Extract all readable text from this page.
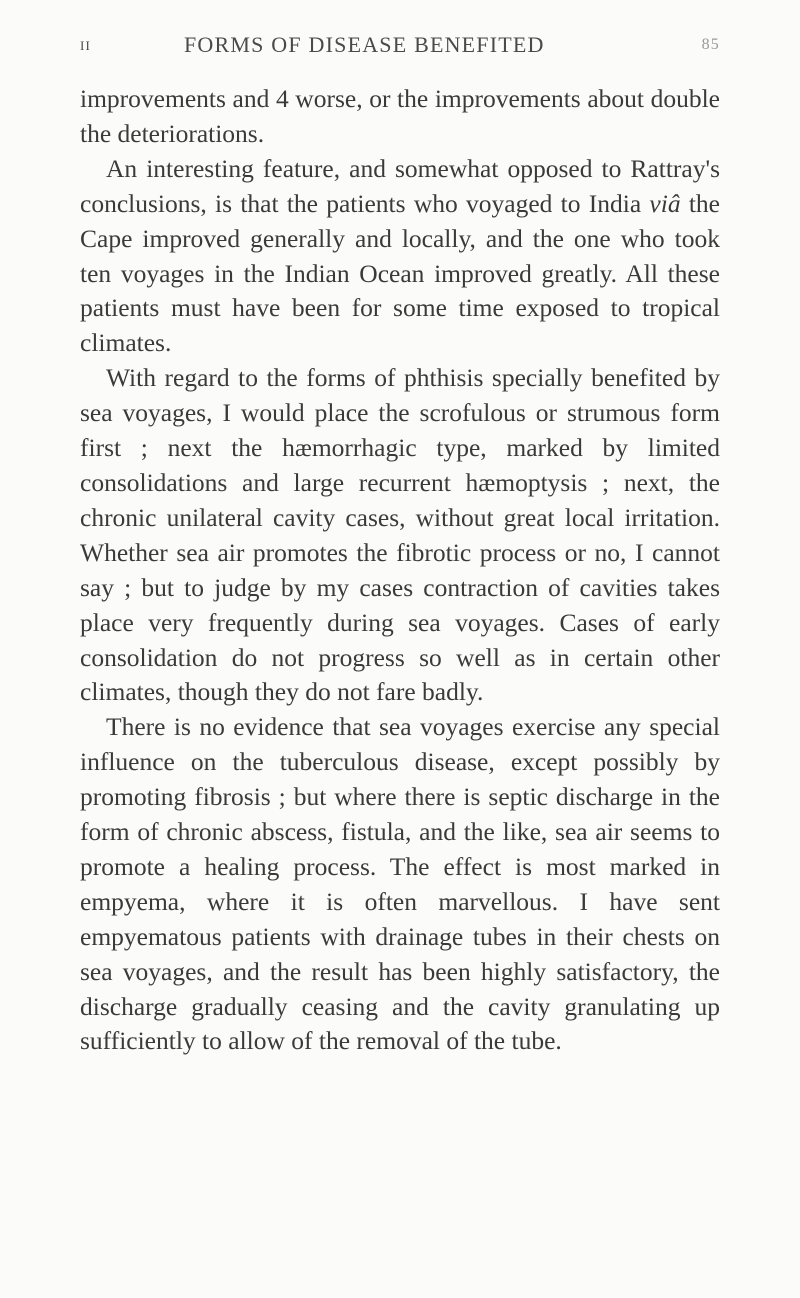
II	FORMS OF DISEASE BENEFITED	85

improvements and 4 worse, or the improvements about double the deteriorations.

An interesting feature, and somewhat opposed to Rattray's conclusions, is that the patients who voyaged to India viâ the Cape improved generally and locally, and the one who took ten voyages in the Indian Ocean improved greatly. All these patients must have been for some time exposed to tropical climates.

With regard to the forms of phthisis specially benefited by sea voyages, I would place the scrofulous or strumous form first ; next the hæmorrhagic type, marked by limited consolidations and large recurrent hæmoptysis ; next, the chronic unilateral cavity cases, without great local irritation. Whether sea air promotes the fibrotic process or no, I cannot say ; but to judge by my cases contraction of cavities takes place very frequently during sea voyages. Cases of early consolidation do not progress so well as in certain other climates, though they do not fare badly.

There is no evidence that sea voyages exercise any special influence on the tuberculous disease, except possibly by promoting fibrosis ; but where there is septic discharge in the form of chronic abscess, fistula, and the like, sea air seems to promote a healing process. The effect is most marked in empyema, where it is often marvellous. I have sent empyematous patients with drainage tubes in their chests on sea voyages, and the result has been highly satisfactory, the discharge gradually ceasing and the cavity granulating up sufficiently to allow of the removal of the tube.
